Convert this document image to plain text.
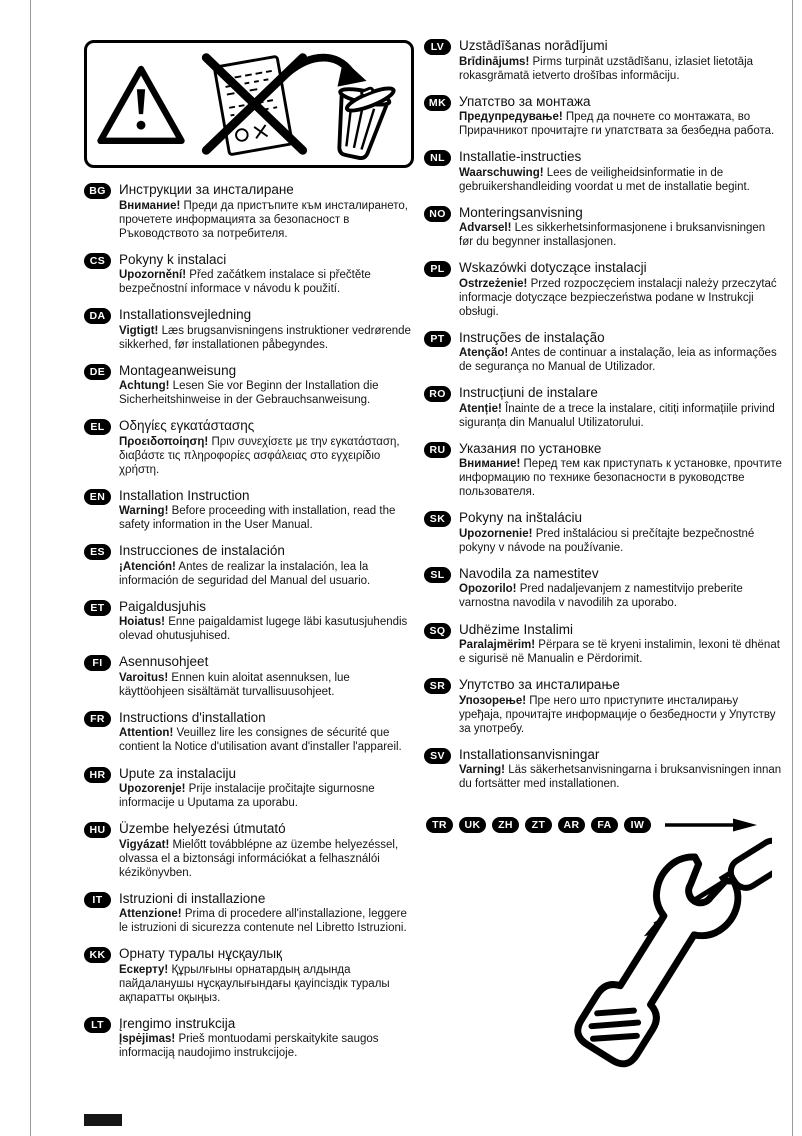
BG Инструкции за инсталиране
Внимание! Преди да пристъпите към инсталирането, прочетете информацията за безопасност в Ръководството за потребителя.
CS	Pokyny k instalaci
Upozornění! Před začátkem instalace si přečtěte bezpečnostní informace v návodu k použití.
DA	Installationsvejledning
Vigtigt! Læs brugsanvisningens instruktioner vedrørende sikkerhed, før installationen påbegyndes.
DE	Montageanweisung
Achtung! Lesen Sie vor Beginn der Installation die Sicherheitshinweise in der Gebrauchsanweisung.
EL	Οδηγίες εγκατάστασης
Προειδοποίηση! Πριν συνεχίσετε με την εγκατάσταση, διαβάστε τις πληροφορίες ασφάλειας στο εγχειρίδιο χρήστη.
EN	Installation Instruction
Warning! Before proceeding with installation, read the safety information in the User Manual.
ES	Instrucciones de instalación
¡Atención! Antes de realizar la instalación, lea la información de seguridad del Manual del usuario.
ET	Paigaldusjuhis
Hoiatus! Enne paigaldamist lugege läbi kasutusjuhendis olevad ohutusjuhised.
FI	Asennusohjeet
Varoitus! Ennen kuin aloitat asennuksen, lue käyttöohjeen sisältämät turvallisuusohjeet.
FR	Instructions d'installation
Attention! Veuillez lire les consignes de sécurité que contient la Notice d'utilisation avant d'installer l'appareil.
HR	Upute za instalaciju
Upozorenje! Prije instalacije pročitajte sigurnosne informacije u Uputama za uporabu.
HU	Üzembe helyezési útmutató
Vigyázat! Mielőtt továbblépne az üzembe helyezéssel, olvassa el a biztonsági információkat a felhasználói kézikönyvben.
IT	Istruzioni di installazione
Attenzione! Prima di procedere all'installazione, leggere le istruzioni di sicurezza contenute nel Libretto Istruzioni.
KK	Орнату туралы нұсқаулық
Ескерту! Құрылғыны орнатардың алдында пайдаланушы нұсқаулығындағы қауіпсіздік туралы ақпаратты оқыңыз.
LT	Įrengimo instrukcija
Įspėjimas! Prieš montuodami perskaitykite saugos informaciją naudojimo instrukcijoje.
LV	Uzstādīšanas norādījumi
Brīdinājums! Pirms turpināt uzstādīšanu, izlasiet lietotāja rokasgrāmatā ietverto drošības informāciju.
MK Упатство за монтажа
Предупредување! Пред да почнете со монтажата, во Прирачникот прочитајте ги упатствата за безбедна работа.
NL	Installatie-instructies
Waarschuwing! Lees de veiligheidsinformatie in de gebruikershandleiding voordat u met de installatie begint.
NO Monteringsanvisning
Advarsel! Les sikkerhetsinformasjonene i bruksanvisningen før du begynner installasjonen.
PL	Wskazówki dotyczące instalacji
Ostrzeżenie! Przed rozpoczęciem instalacji należy przeczytać informacje dotyczące bezpieczeństwa podane w Instrukcji obsługi.
PT	Instruções de instalação
Atenção! Antes de continuar a instalação, leia as informações de segurança no Manual de Utilizador.
RO Instrucțiuni de instalare
Atenție! Înainte de a trece la instalare, citiți informațiile privind siguranța din Manualul Utilizatorului.
RU	Указания по установке
Внимание! Перед тем как приступать к установке, прочтите информацию по технике безопасности в руководстве пользователя.
SK	Pokyny na inštaláciu
Upozornenie! Pred inštaláciou si prečítajte bezpečnostné pokyny v návode na používanie.
SL	Navodila za namestitev
Opozorilo! Pred nadaljevanjem z namestitvijo preberite varnostna navodila v navodilih za uporabo.
SQ	Udhëzime Instalimi
Paralajmërim! Përpara se të kryeni instalimin, lexoni të dhënat e sigurisë në Manualin e Përdorimit.
SR	Упутство за инсталирање
Упозорење! Пре него што приступите инсталирању уређаја, прочитајте информације о безбедности у Упутству за употребу.
SV	Installationsanvisningar
Varning! Läs säkerhetsanvisningarna i bruksanvisningen innan du fortsätter med installationen.
TR	UK	ZH	ZT	AR	FA	IW
